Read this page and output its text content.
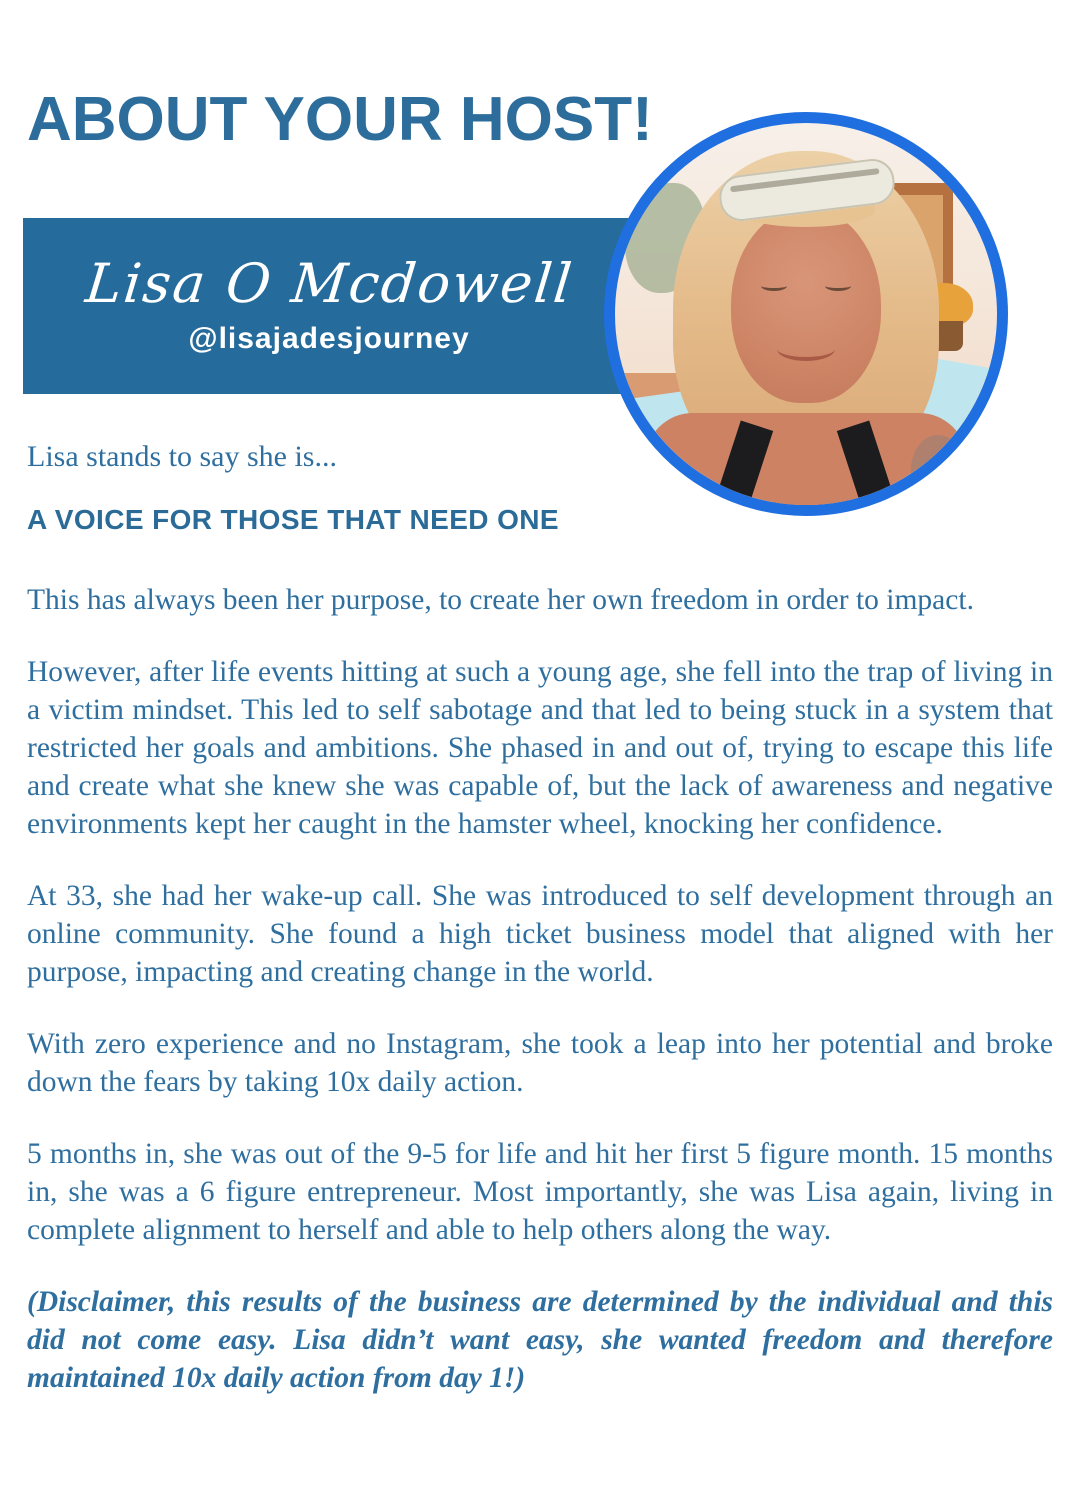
ABOUT YOUR HOST!
Lisa O Mcdowell
@lisajadesjourney

Lisa stands to say she is...

A VOICE FOR THOSE THAT NEED ONE

This has always been her purpose, to create her own freedom in order to impact.

However, after life events hitting at such a young age, she fell into the trap of living in a victim mindset. This led to self sabotage and that led to being stuck in a system that restricted her goals and ambitions. She phased in and out of, trying to escape this life and create what she knew she was capable of, but the lack of awareness and negative environments kept her caught in the hamster wheel, knocking her confidence.

At 33, she had her wake-up call. She was introduced to self development through an online community. She found a high ticket business model that aligned with her purpose, impacting and creating change in the world.

With zero experience and no Instagram, she took a leap into her potential and broke down the fears by taking 10x daily action.

5 months in, she was out of the 9-5 for life and hit her first 5 figure month. 15 months in, she was a 6 figure entrepreneur. Most importantly, she was Lisa again, living in complete alignment to herself and able to help others along the way.

(Disclaimer, this results of the business are determined by the individual and this did not come easy. Lisa didn’t want easy, she wanted freedom and therefore maintained 10x daily action from day 1!)
